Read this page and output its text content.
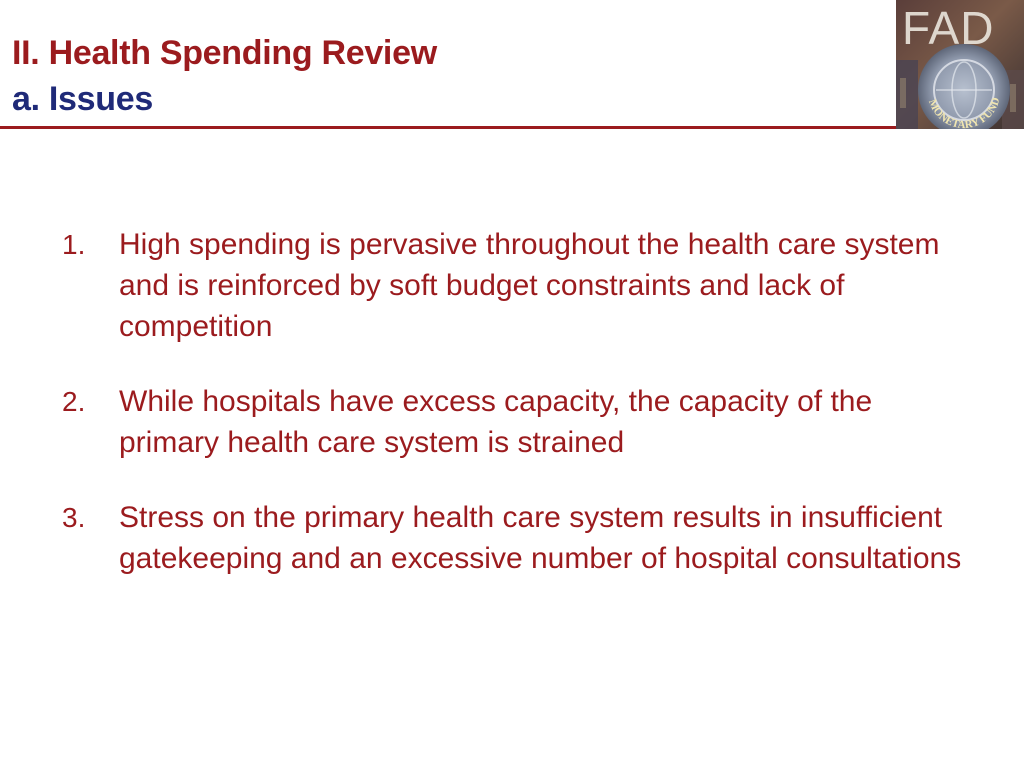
II. Health Spending Review
a. Issues	MONETARY FUND
FAD
1.	High spending is pervasive throughout the health care system and is reinforced by soft budget constraints and lack of competition
2.	While hospitals have excess capacity, the capacity of the primary health care system is strained
3.	Stress on the primary health care system results in insufficient gatekeeping and an excessive number of hospital consultations
